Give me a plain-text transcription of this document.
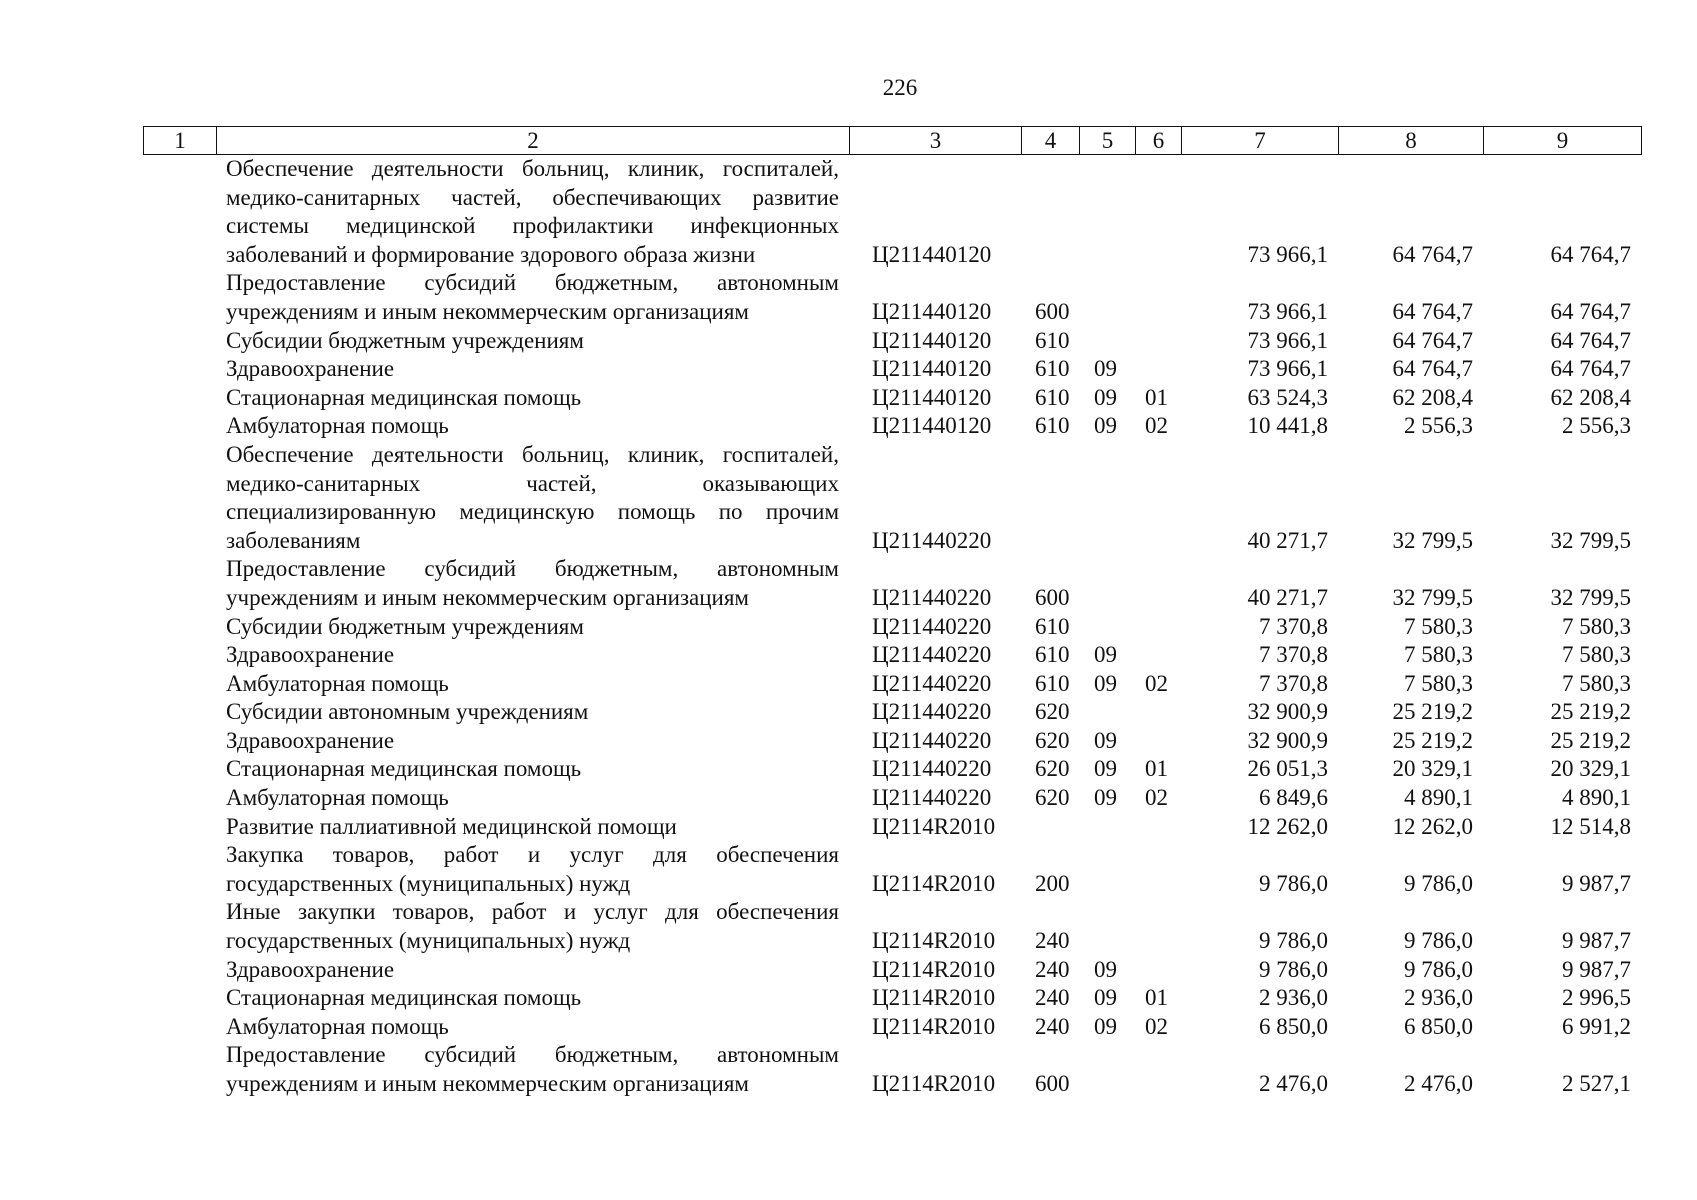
226
1	2	3	4	5	6	7	8	9
	Обеспечение деятельности больниц, клиник, госпиталей, медико-санитарных частей, обеспечивающих развитие системы медицинской профилактики инфекционных заболеваний и формирование здорового образа жизни	Ц211440120				73 966,1	64 764,7	64 764,7
	Предоставление субсидий бюджетным, автономным учреждениям и иным некоммерческим организациям	Ц211440120	600			73 966,1	64 764,7	64 764,7
	Субсидии бюджетным учреждениям	Ц211440120	610			73 966,1	64 764,7	64 764,7
	Здравоохранение	Ц211440120	610	09		73 966,1	64 764,7	64 764,7
	Стационарная медицинская помощь	Ц211440120	610	09	01	63 524,3	62 208,4	62 208,4
	Амбулаторная помощь	Ц211440120	610	09	02	10 441,8	2 556,3	2 556,3
	Обеспечение деятельности больниц, клиник, госпиталей, медико-санитарных частей, оказывающих специализированную медицинскую помощь по прочим заболеваниям	Ц211440220				40 271,7	32 799,5	32 799,5
	Предоставление субсидий бюджетным, автономным учреждениям и иным некоммерческим организациям	Ц211440220	600			40 271,7	32 799,5	32 799,5
	Субсидии бюджетным учреждениям	Ц211440220	610			7 370,8	7 580,3	7 580,3
	Здравоохранение	Ц211440220	610	09		7 370,8	7 580,3	7 580,3
	Амбулаторная помощь	Ц211440220	610	09	02	7 370,8	7 580,3	7 580,3
	Субсидии автономным учреждениям	Ц211440220	620			32 900,9	25 219,2	25 219,2
	Здравоохранение	Ц211440220	620	09		32 900,9	25 219,2	25 219,2
	Стационарная медицинская помощь	Ц211440220	620	09	01	26 051,3	20 329,1	20 329,1
	Амбулаторная помощь	Ц211440220	620	09	02	6 849,6	4 890,1	4 890,1
	Развитие паллиативной медицинской помощи	Ц2114R2010				12 262,0	12 262,0	12 514,8
	Закупка товаров, работ и услуг для обеспечения государственных (муниципальных) нужд	Ц2114R2010	200			9 786,0	9 786,0	9 987,7
	Иные закупки товаров, работ и услуг для обеспечения государственных (муниципальных) нужд	Ц2114R2010	240			9 786,0	9 786,0	9 987,7
	Здравоохранение	Ц2114R2010	240	09		9 786,0	9 786,0	9 987,7
	Стационарная медицинская помощь	Ц2114R2010	240	09	01	2 936,0	2 936,0	2 996,5
	Амбулаторная помощь	Ц2114R2010	240	09	02	6 850,0	6 850,0	6 991,2
	Предоставление субсидий бюджетным, автономным учреждениям и иным некоммерческим организациям	Ц2114R2010	600			2 476,0	2 476,0	2 527,1
